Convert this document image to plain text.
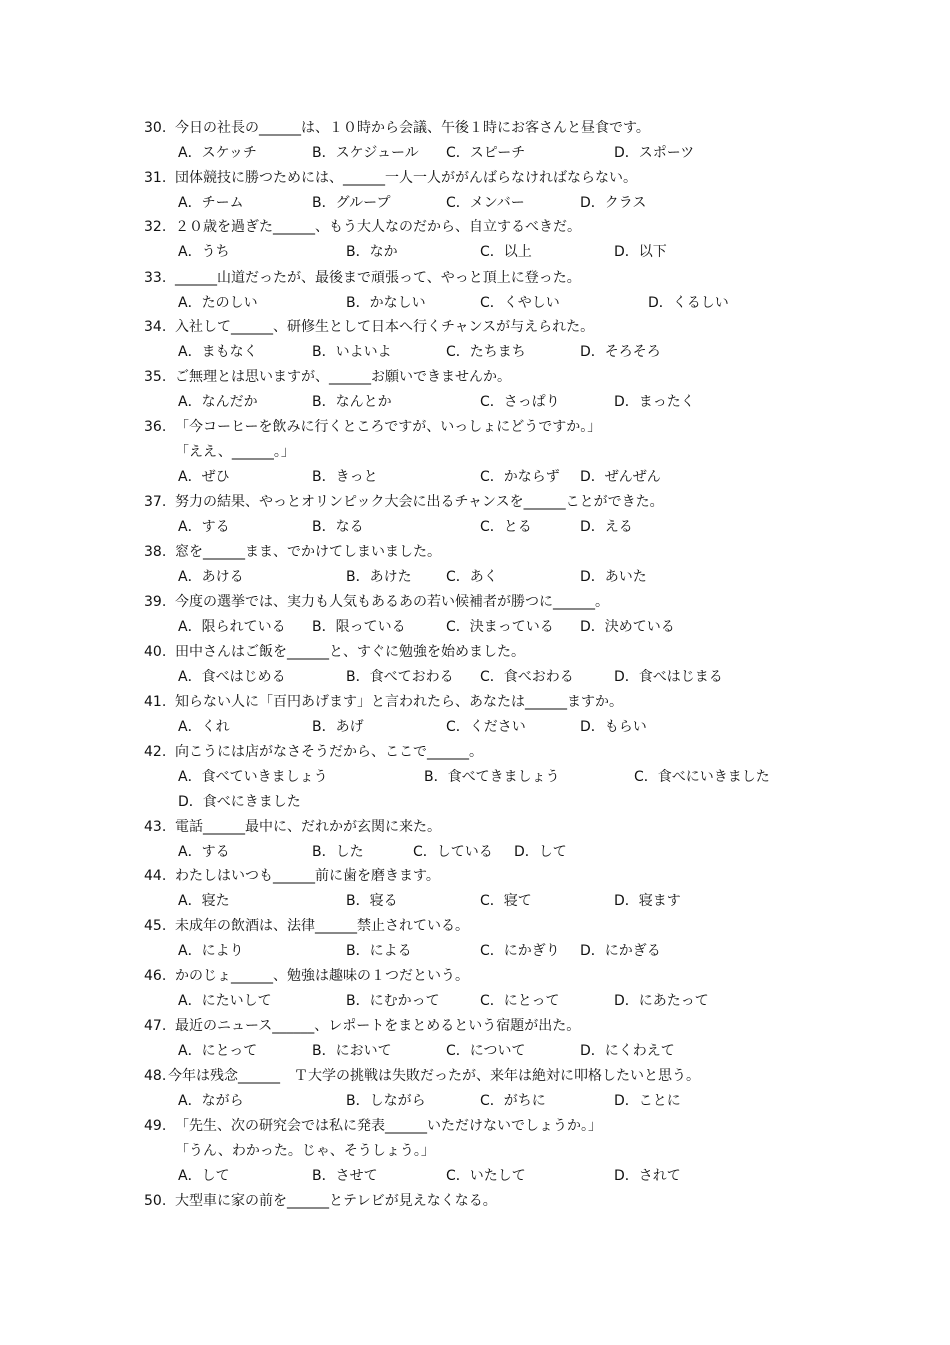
30. 今日の社長の______は、１０時から会議、午後１時にお客さんと昼食です。
A．スケッチ	B．スケジュール C．スピーチ	D．スポーツ
31. 団体競技に勝つためには、______一人一人ががんばらなければならない。
A．チーム	B．グループ	C．メンバー	D．クラス
32. ２０歳を過ぎた______、もう大人なのだから、自立するべきだ。
A．うち	B．なか	C．以上	D．以下
33. ______山道だったが、最後まで頑張って、やっと頂上に登った。
A．たのしい	B．かなしい	C．くやしい	D．くるしい
34. 入社して______、研修生として日本へ行くチャンスが与えられた。
A．まもなく	B．いよいよ	C．たちまち	D．そろそろ
35. ご無理とは思いますが、______お願いできませんか。
A．なんだか	B．なんとか	C．さっぱり	D．まったく
36. 「今コーヒーを飲みに行くところですが、いっしょにどうですか。」
「ええ、______。」
A．ぜひ	B．きっと	C．かならず D．ぜんぜん
37. 努力の結果、やっとオリンピック大会に出るチャンスを______ことができた。
A．する	B．なる	C．とる	D．える
38. 窓を______まま、でかけてしまいました。
A．あける	B．あけた C．あく	D．あいた
39. 今度の選挙では、実力も人気もあるあの若い候補者が勝つに______。
A．限られている B．限っている	C．決まっている D．決めている
40. 田中さんはご飯を______と、すぐに勉強を始めました。
A．食べはじめる	B．食べておわる C．食べおわる	D．食べはじまる
41. 知らない人に「百円あげます」と言われたら、あなたは______ますか。
A．くれ	B．あげ	C．ください	D．もらい
42. 向こうには店がなさそうだから、ここで______。
A．食べていきましょう	B．食べてきましょう	C．食べにいきました
D．食べにきました
43. 電話______最中に、だれかが玄関に来た。
A．する	B．した	C．している D．して
44. わたしはいつも______前に歯を磨きます。
A．寝た	B．寝る	C．寝て	D．寝ます
45. 未成年の飲酒は、法律______禁止されている。
A．により	B．による	C．にかぎり D．にかぎる
46. かのじょ______、勉強は趣味の１つだという。
A．にたいして	B．にむかって	C．にとって	D．にあたって
47. 最近のニュース______、レポートをまとめるという宿題が出た。
A．にとって	B．において	C．について	D．にくわえて
48. 今年は残念______　Ｔ大学の挑戦は失敗だったが、来年は絶対に叩格したいと思う。
A．ながら	B．しながら	C．がちに	D．ことに
49. 「先生、次の研究会では私に発表______いただけないでしょうか。」
「うん、わかった。じゃ、そうしょう。」
A．して	B．させて	C．いたして	D．されて
50. 大型車に家の前を______とテレビが見えなくなる。
